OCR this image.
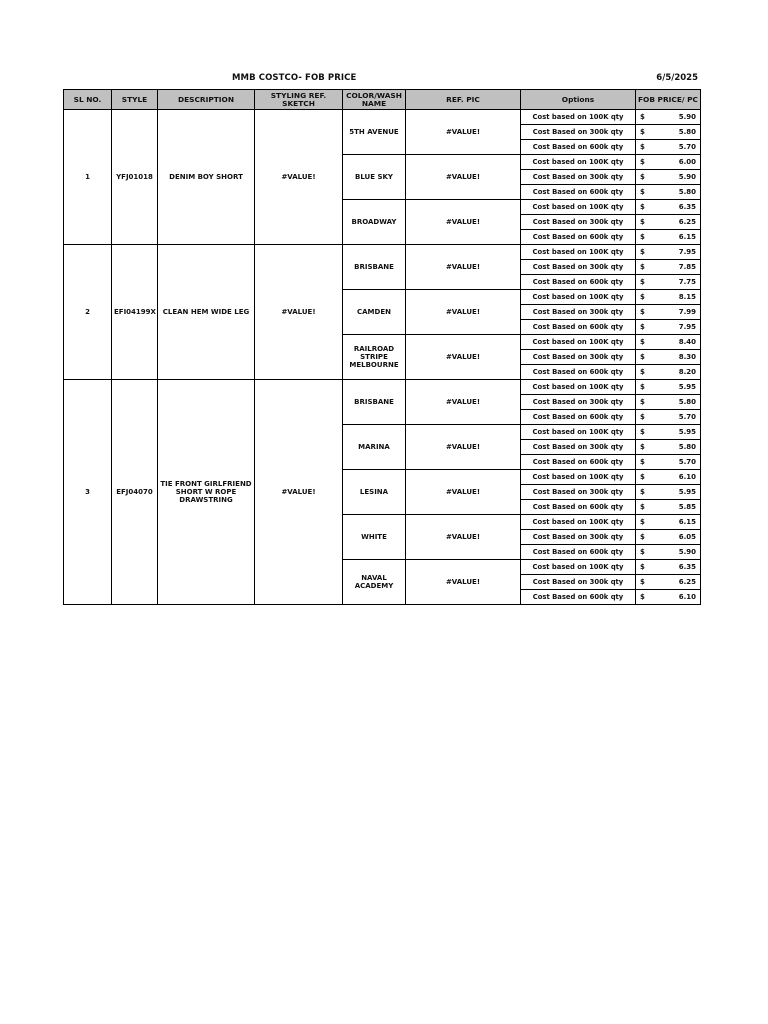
MMB COSTCO- FOB PRICE	6/5/2025
SL NO.	STYLE	DESCRIPTION	STYLING REF. SKETCH	COLOR/WASH NAME	REF. PIC	Options	FOB PRICE/ PC
1	YFJ01018	DENIM BOY SHORT	#VALUE!	5TH AVENUE	#VALUE!	Cost based on 100K qty	$ 5.90

						Cost Based on 300k qty	$ 5.80

						Cost Based on 600k qty	$ 5.70

				BLUE SKY	#VALUE!	Cost based on 100K qty	$ 6.00

						Cost Based on 300k qty	$ 5.90

						Cost Based on 600k qty	$ 5.80

				BROADWAY	#VALUE!	Cost based on 100K qty	$ 6.35

						Cost Based on 300k qty	$ 6.25

						Cost Based on 600k qty	$ 6.15

2	EFI04199X	CLEAN HEM WIDE LEG	#VALUE!	BRISBANE	#VALUE!	Cost based on 100K qty	$ 7.95

						Cost Based on 300k qty	$ 7.85

						Cost Based on 600k qty	$ 7.75

				CAMDEN	#VALUE!	Cost based on 100K qty	$ 8.15

						Cost Based on 300k qty	$ 7.99

						Cost Based on 600k qty	$ 7.95

				RAILROAD STRIPE MELBOURNE	#VALUE!	Cost based on 100K qty	$ 8.40

						Cost Based on 300k qty	$ 8.30

						Cost Based on 600k qty	$ 8.20

3	EFJ04070	TIE FRONT GIRLFRIEND SHORT W ROPE DRAWSTRING	#VALUE!	BRISBANE	#VALUE!	Cost based on 100K qty	$ 5.95

						Cost Based on 300k qty	$ 5.80

						Cost Based on 600k qty	$ 5.70

				MARINA	#VALUE!	Cost based on 100K qty	$ 5.95

						Cost Based on 300k qty	$ 5.80

						Cost Based on 600k qty	$ 5.70

				LESINA	#VALUE!	Cost based on 100K qty	$ 6.10

						Cost Based on 300k qty	$ 5.95

						Cost Based on 600k qty	$ 5.85

				WHITE	#VALUE!	Cost based on 100K qty	$ 6.15

						Cost Based on 300k qty	$ 6.05

						Cost Based on 600k qty	$ 5.90

				NAVAL ACADEMY	#VALUE!	Cost based on 100K qty	$ 6.35

						Cost Based on 300k qty	$ 6.25

						Cost Based on 600k qty	$ 6.10
